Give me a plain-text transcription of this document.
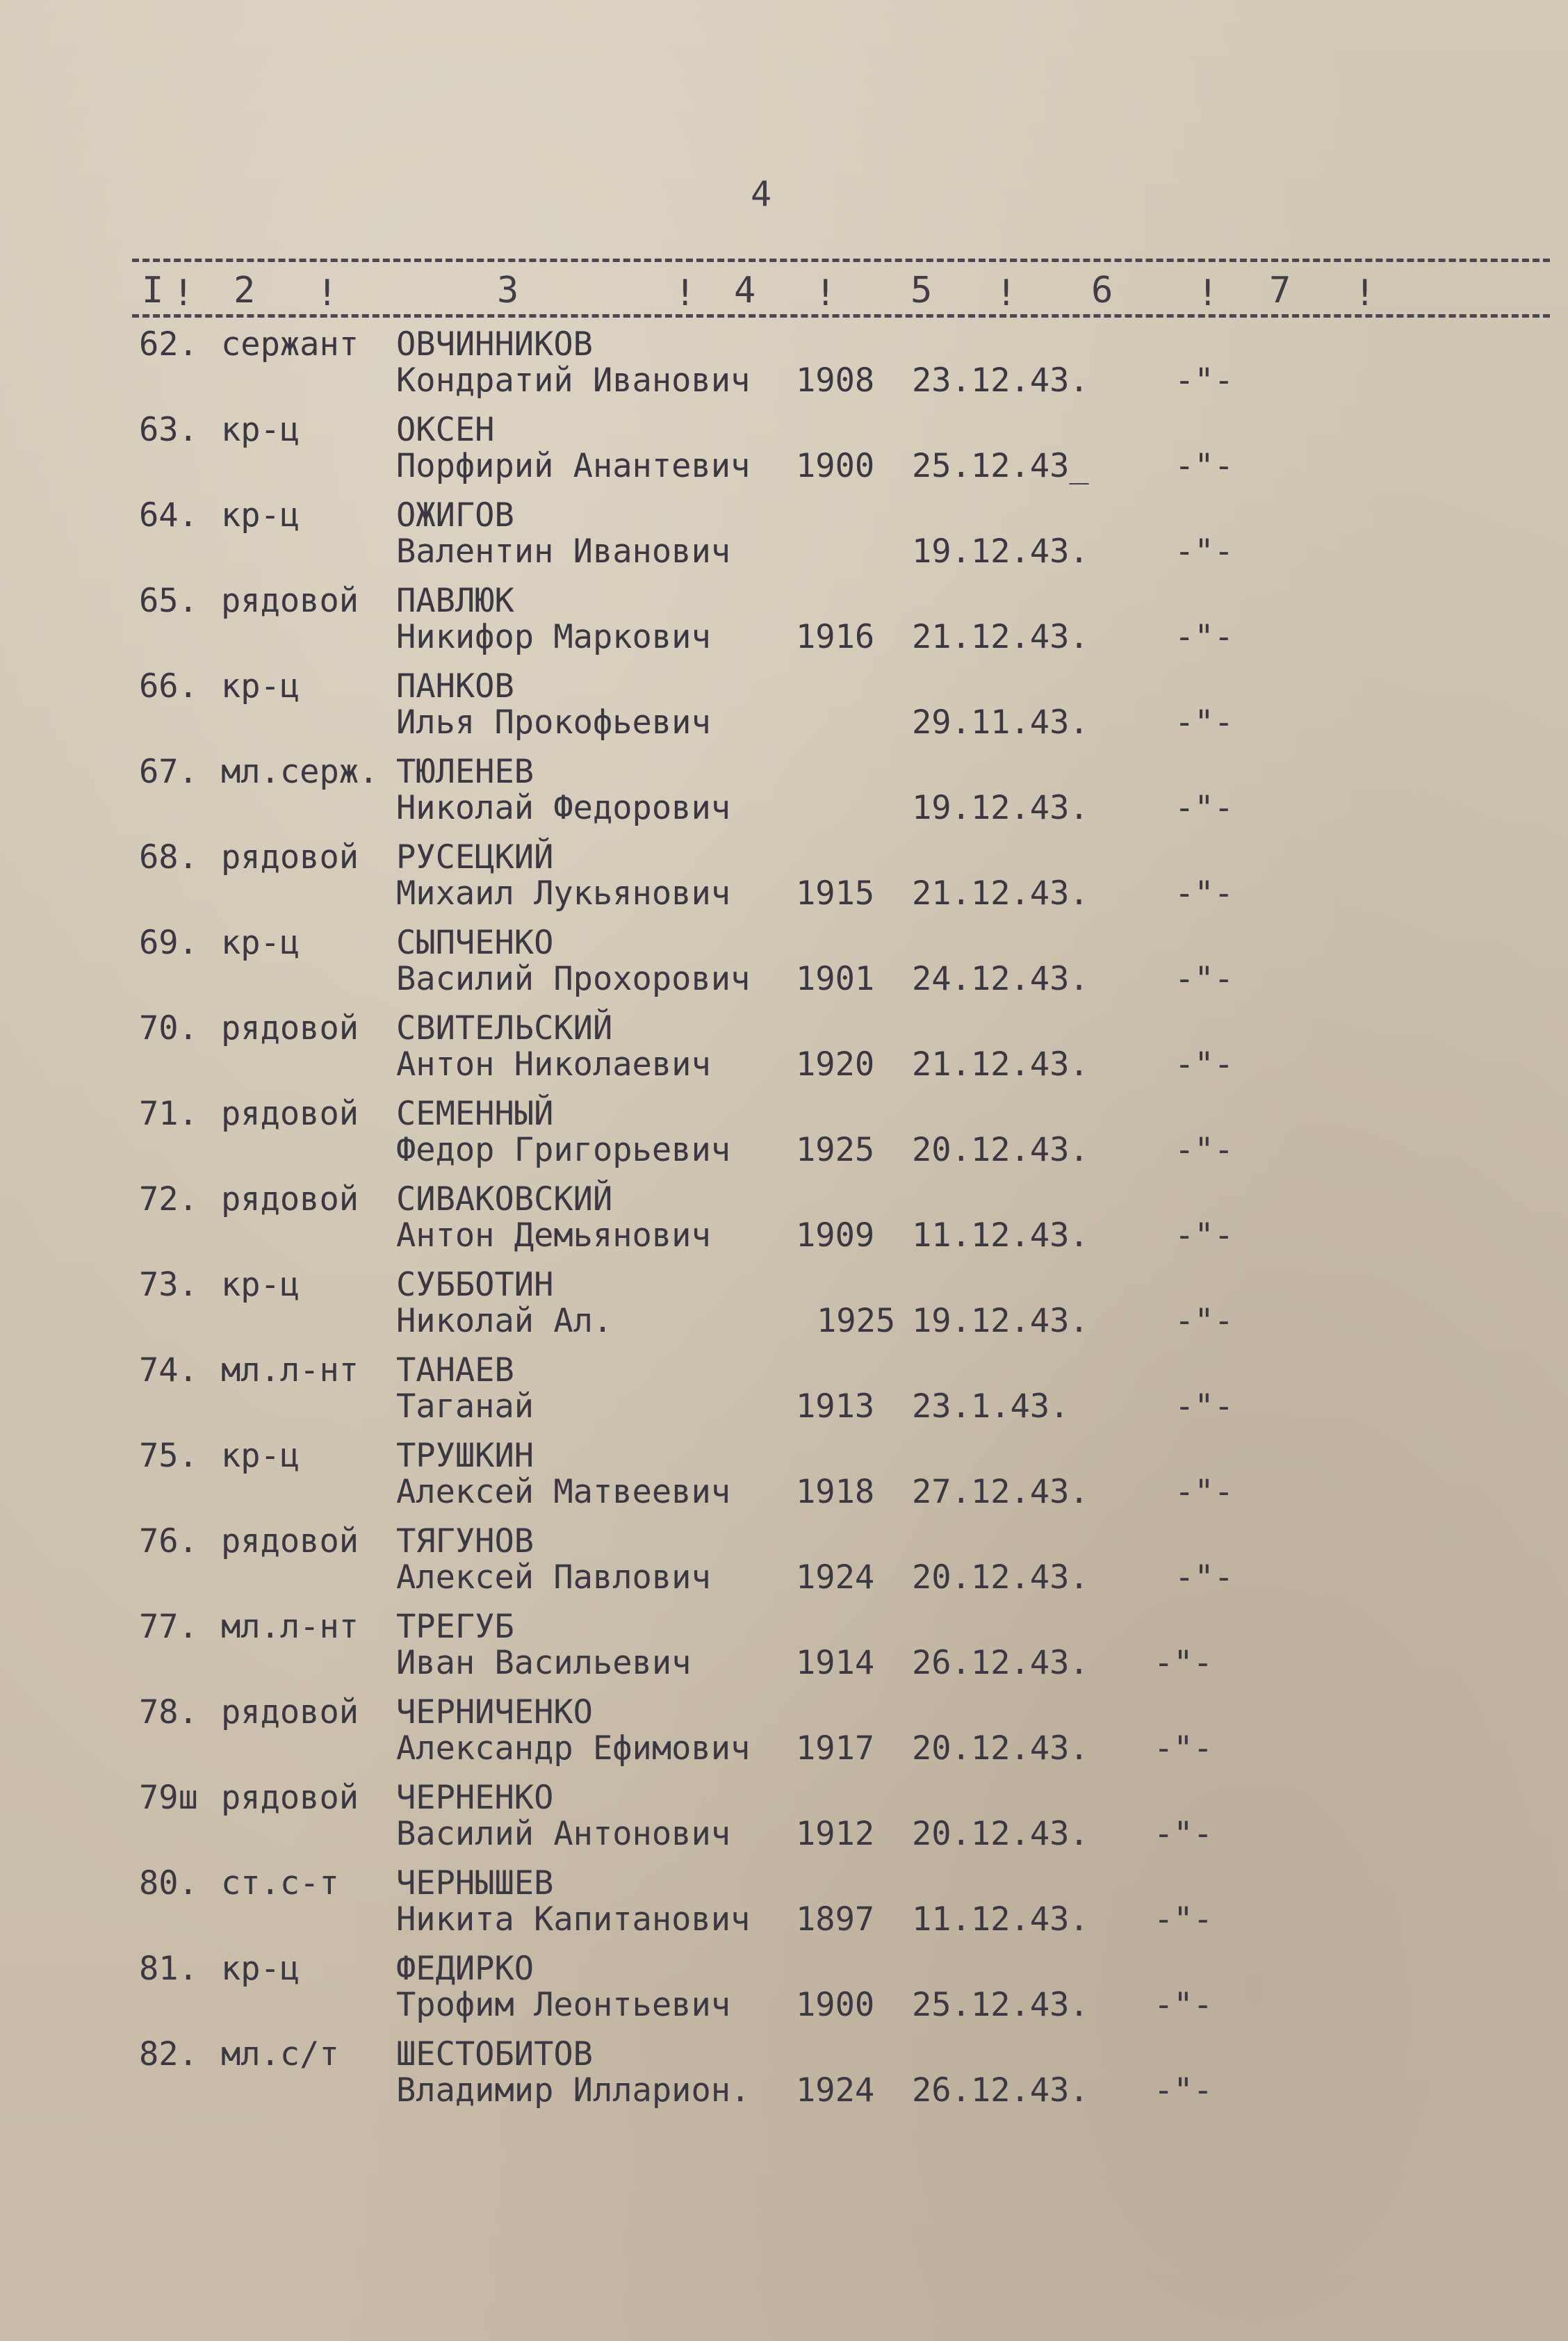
4
I ! 2 !	3	! 4 ! 5 ! 6 ! 7 !
62. сержант ОВЧИННИКОВ
Кондратий Иванович 1908 23.12.43.	-"-
63. кр-ц	ОКСЕН
Порфирий Анантевич 1900 25.12.43_	-"-
64. кр-ц	ОЖИГОВ
Валентин Иванович	19.12.43.	-"-
65. рядовой ПАВЛЮК
Никифор Маркович	1916 21.12.43.	-"-
66. кр-ц	ПАНКОВ
Илья Прокофьевич	29.11.43.	-"-
67. мл.серж. ТЮЛЕНЕВ
Николай Федорович	19.12.43.	-"-
68. рядовой РУСЕЦКИЙ
Михаил Лукьянович 1915 21.12.43.	-"-
69. кр-ц	СЫПЧЕНКО
Василий Прохорович 1901 24.12.43.	-"-
70. рядовой СВИТЕЛЬСКИЙ
Антон Николаевич	1920 21.12.43.	-"-
71. рядовой СЕМЕННЫЙ
Федор Григорьевич 1925 20.12.43.	-"-
72. рядовой СИВАКОВСКИЙ
Антон Демьянович	1909 11.12.43.	-"-
73. кр-ц	СУББОТИН
Николай Ал.	1925 19.12.43.	-"-
74. мл.л-нт ТАНАЕВ
Таганай	1913 23.1.43.	-"-
75. кр-ц	ТРУШКИН
Алексей Матвеевич 1918 27.12.43.	-"-
76. рядовой ТЯГУНОВ
Алексей Павлович	1924 20.12.43.	-"-
77. мл.л-нт ТРЕГУБ
Иван Васильевич	1914 26.12.43. -"-
78. рядовой ЧЕРНИЧЕНКО
Александр Ефимович 1917 20.12.43. -"-
79ш рядовой ЧЕРНЕНКО
Василий Антонович 1912 20.12.43. -"-
80. ст.с-т ЧЕРНЫШЕВ
Никита Капитанович 1897 11.12.43. -"-
81. кр-ц	ФЕДИРКО
Трофим Леонтьевич 1900 25.12.43. -"-
82. мл.с/т ШЕСТОБИТОВ
Владимир Илларион. 1924 26.12.43. -"-
